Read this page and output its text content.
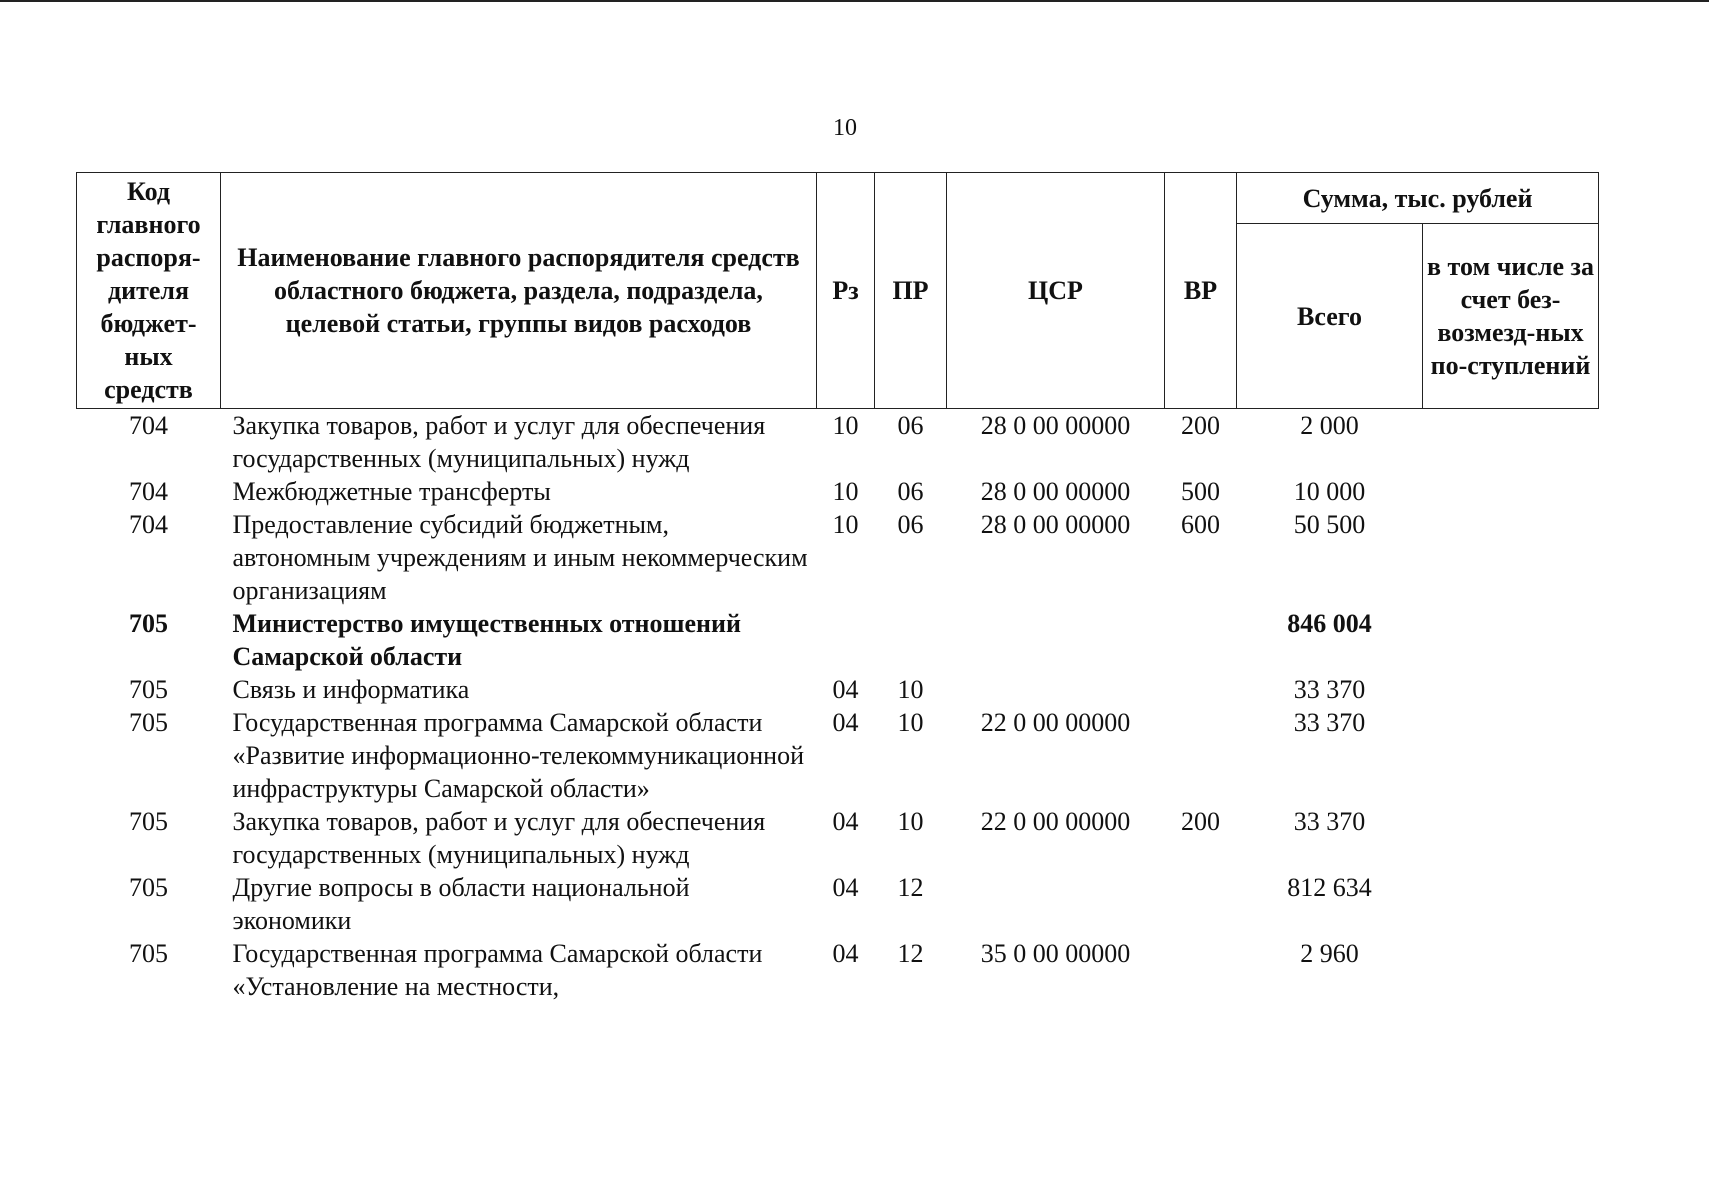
10
Код главного распоря-дителя бюджет-ных средств	Наименование главного распорядителя средств областного бюджета, раздела, подраздела, целевой статьи, группы видов расходов	Рз	ПР	ЦСР	ВР	Сумма, тыс. рублей	
						Всего	в том числе за счет без-возмезд-ных по-ступлений
704	Закупка товаров, работ и услуг для обеспечения государственных (муниципальных) нужд	10	06	28 0 00 00000	200	2 000	
704	Межбюджетные трансферты	10	06	28 0 00 00000	500	10 000	
704	Предоставление субсидий бюджетным, автономным учреждениям и иным некоммерческим организациям	10	06	28 0 00 00000	600	50 500	
705	Министерство имущественных отношений Самарской области					846 004	
705	Связь и информатика	04	10			33 370	
705	Государственная программа Самарской области «Развитие информационно-телекоммуникационной инфраструктуры Самарской области»	04	10	22 0 00 00000		33 370	
705	Закупка товаров, работ и услуг для обеспечения государственных (муниципальных) нужд	04	10	22 0 00 00000	200	33 370	
705	Другие вопросы в области национальной экономики	04	12			812 634	
705	Государственная программа Самарской области «Установление на местности,	04	12	35 0 00 00000		2 960	
